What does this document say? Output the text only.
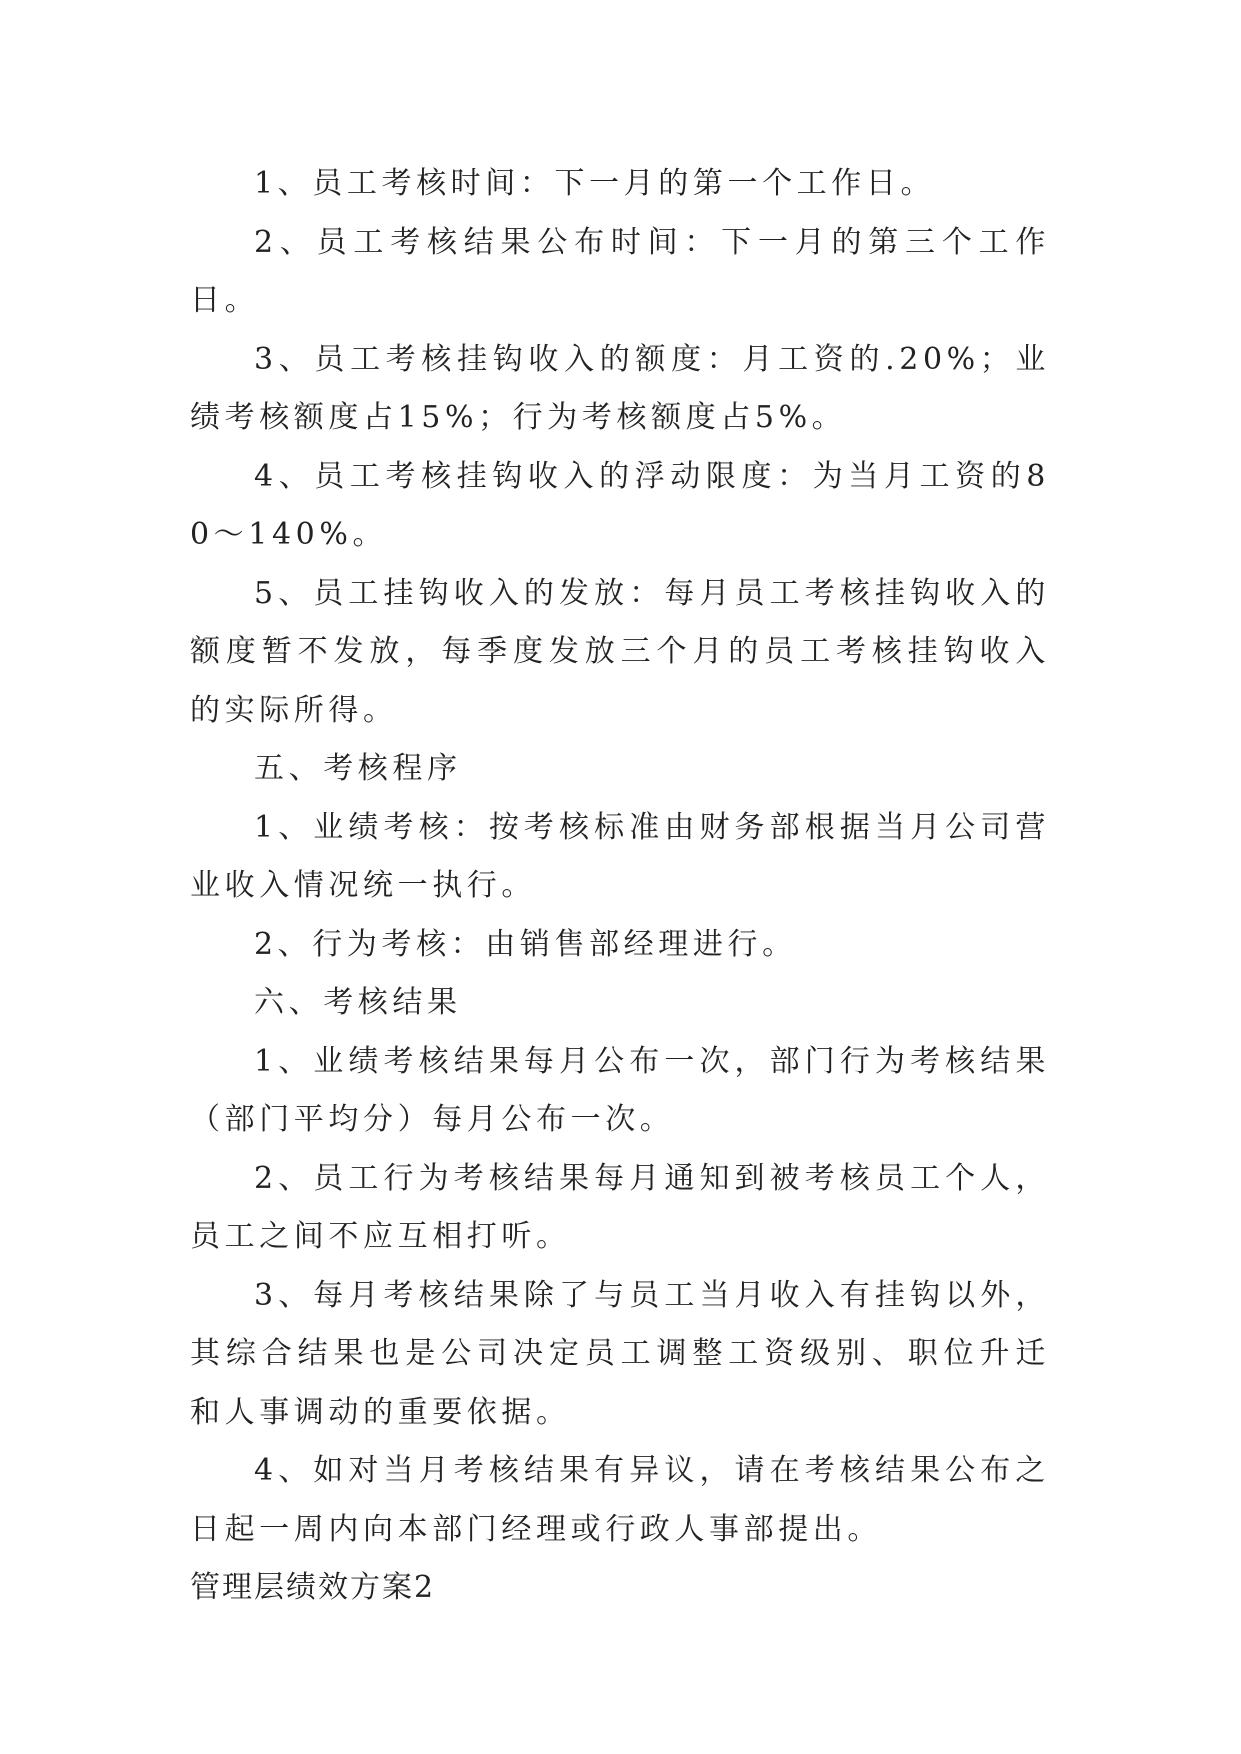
1、员工考核时间：下一月的第一个工作日。

2、员工考核结果公布时间：下一月的第三个工作日。

3、员工考核挂钩收入的额度：月工资的.20%；业绩考核额度占15%；行为考核额度占5%。

4、员工考核挂钩收入的浮动限度：为当月工资的80～140%。

5、员工挂钩收入的发放：每月员工考核挂钩收入的额度暂不发放，每季度发放三个月的员工考核挂钩收入的实际所得。

五、考核程序

1、业绩考核：按考核标准由财务部根据当月公司营业收入情况统一执行。

2、行为考核：由销售部经理进行。

六、考核结果

1、业绩考核结果每月公布一次，部门行为考核结果（部门平均分）每月公布一次。

2、员工行为考核结果每月通知到被考核员工个人，员工之间不应互相打听。

3、每月考核结果除了与员工当月收入有挂钩以外，其综合结果也是公司决定员工调整工资级别、职位升迁和人事调动的重要依据。

4、如对当月考核结果有异议，请在考核结果公布之日起一周内向本部门经理或行政人事部提出。

管理层绩效方案2
